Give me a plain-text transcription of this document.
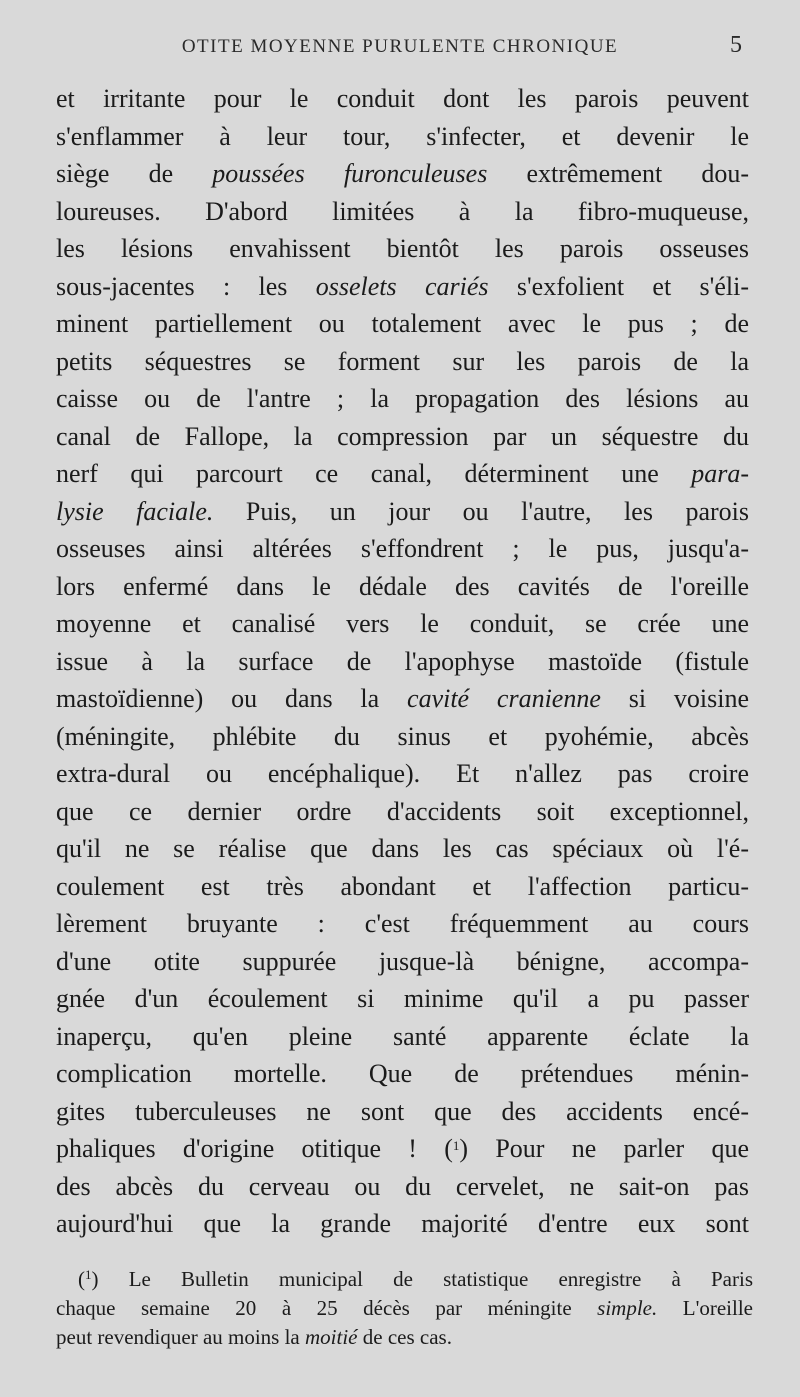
OTITE MOYENNE PURULENTE CHRONIQUE	5
et irritante pour le conduit dont les parois peuvent
s'enflammer à leur tour, s'infecter, et devenir le
siège de poussées furonculeuses extrêmement dou-
loureuses. D'abord limitées à la fibro-muqueuse,
les lésions envahissent bientôt les parois osseuses
sous-jacentes : les osselets cariés s'exfolient et s'éli-
minent partiellement ou totalement avec le pus ; de
petits séquestres se forment sur les parois de la
caisse ou de l'antre ; la propagation des lésions au
canal de Fallope, la compression par un séquestre du
nerf qui parcourt ce canal, déterminent une para-
lysie faciale. Puis, un jour ou l'autre, les parois
osseuses ainsi altérées s'effondrent ; le pus, jusqu'a-
lors enfermé dans le dédale des cavités de l'oreille
moyenne et canalisé vers le conduit, se crée une
issue à la surface de l'apophyse mastoïde (fistule
mastoïdienne) ou dans la cavité cranienne si voisine
(méningite, phlébite du sinus et pyohémie, abcès
extra-dural ou encéphalique). Et n'allez pas croire
que ce dernier ordre d'accidents soit exceptionnel,
qu'il ne se réalise que dans les cas spéciaux où l'é-
coulement est très abondant et l'affection particu-
lèrement bruyante : c'est fréquemment au cours
d'une otite suppurée jusque-là bénigne, accompa-
gnée d'un écoulement si minime qu'il a pu passer
inaperçu, qu'en pleine santé apparente éclate la
complication mortelle. Que de prétendues ménin-
gites tuberculeuses ne sont que des accidents encé-
phaliques d'origine otitique ! ($^1$) Pour ne parler que
des abcès du cerveau ou du cervelet, ne sait-on pas
aujourd'hui que la grande majorité d'entre eux sont
($^1$) Le Bulletin municipal de statistique enregistre à Paris
chaque semaine 20 à 25 décès par méningite simple. L'oreille
peut revendiquer au moins la moitié de ces cas.
